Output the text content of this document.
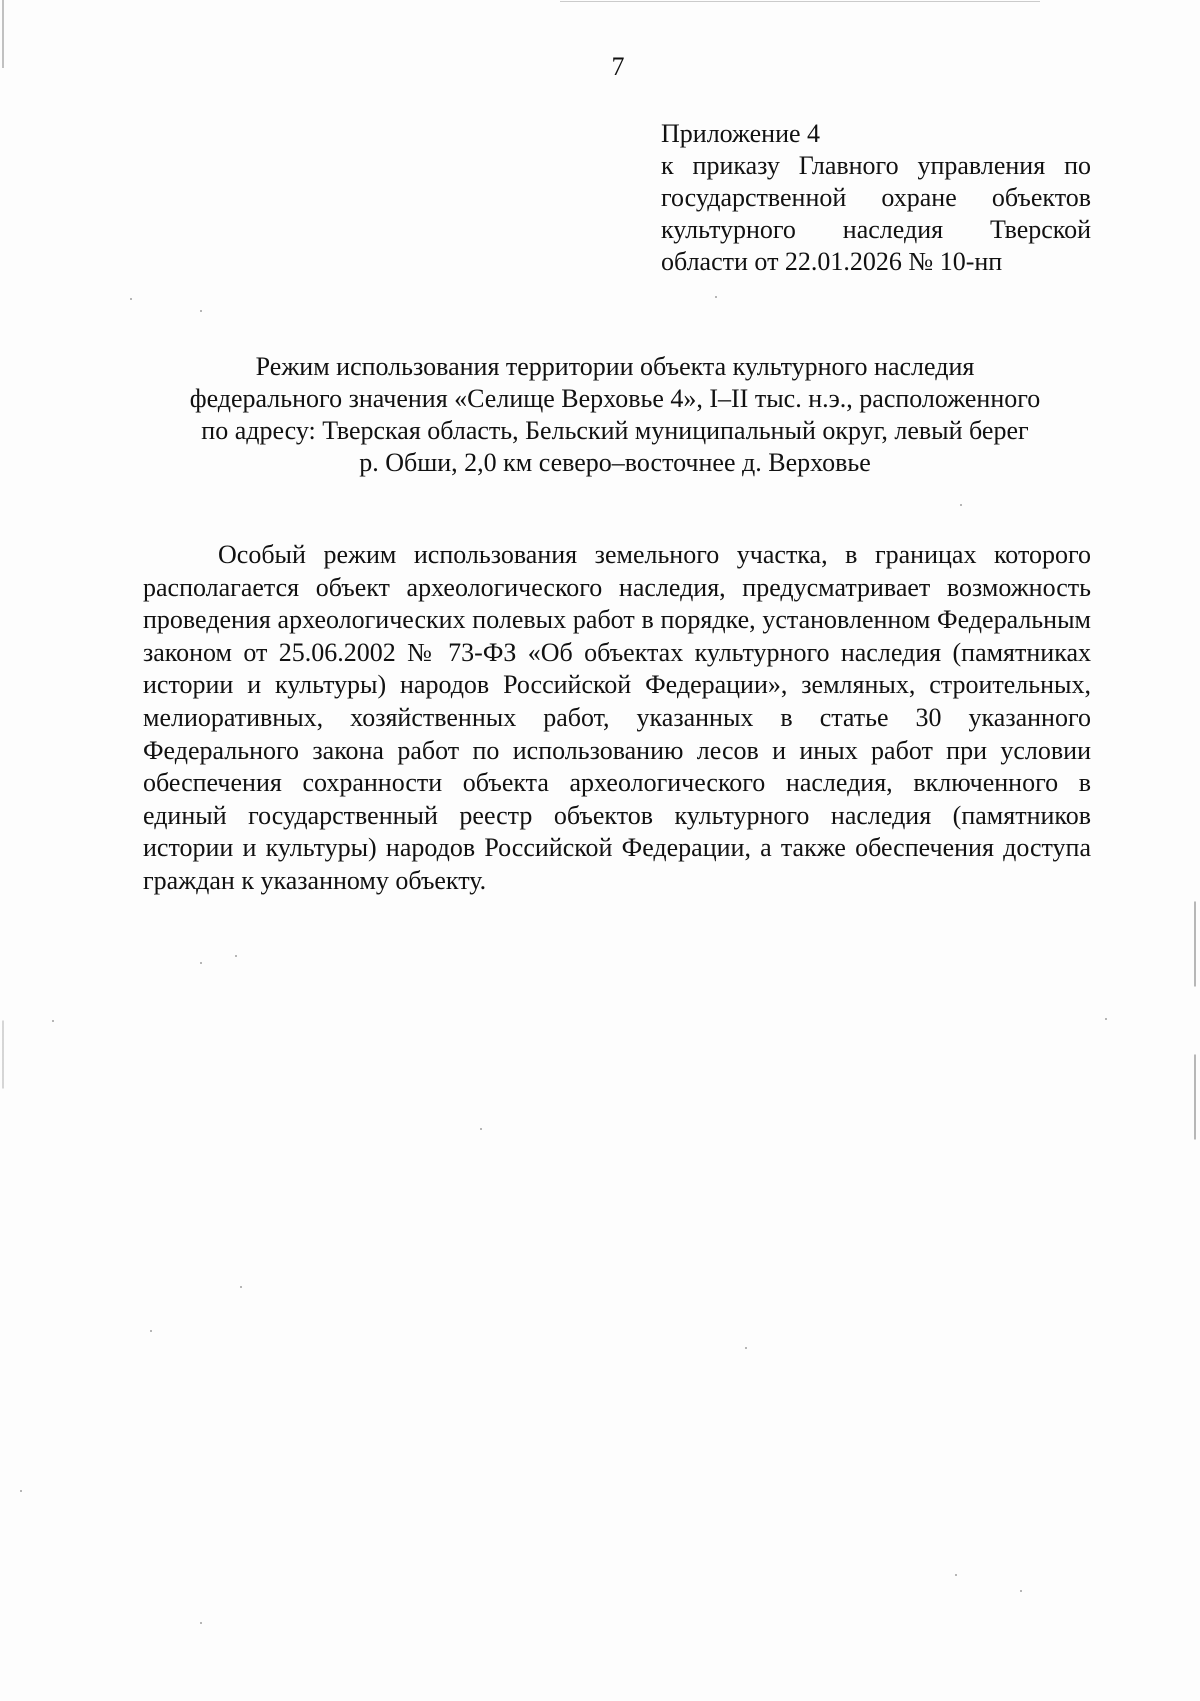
7
Приложение 4
к приказу Главного управления по государственной охране объектов культурного наследия Тверской области от 22.01.2026 № 10-нп
Режим использования территории объекта культурного наследия
федерального значения «Селище Верховье 4», I–II тыс. н.э., расположенного
по адресу: Тверская область, Бельский муниципальный округ, левый берег
р. Обши, 2,0 км северо–восточнее д. Верховье

Особый режим использования земельного участка, в границах которого располагается объект археологического наследия, предусматривает возможность проведения археологических полевых работ в порядке, установленном Федеральным законом от 25.06.2002 № 73-ФЗ «Об объектах культурного наследия (памятниках истории и культуры) народов Российской Федерации», земляных, строительных, мелиоративных, хозяйственных работ, указанных в статье 30 указанного Федерального закона работ по использованию лесов и иных работ при условии обеспечения сохранности объекта археологического наследия, включенного в единый государственный реестр объектов культурного наследия (памятников истории и культуры) народов Российской Федерации, а также обеспечения доступа граждан к указанному объекту.
